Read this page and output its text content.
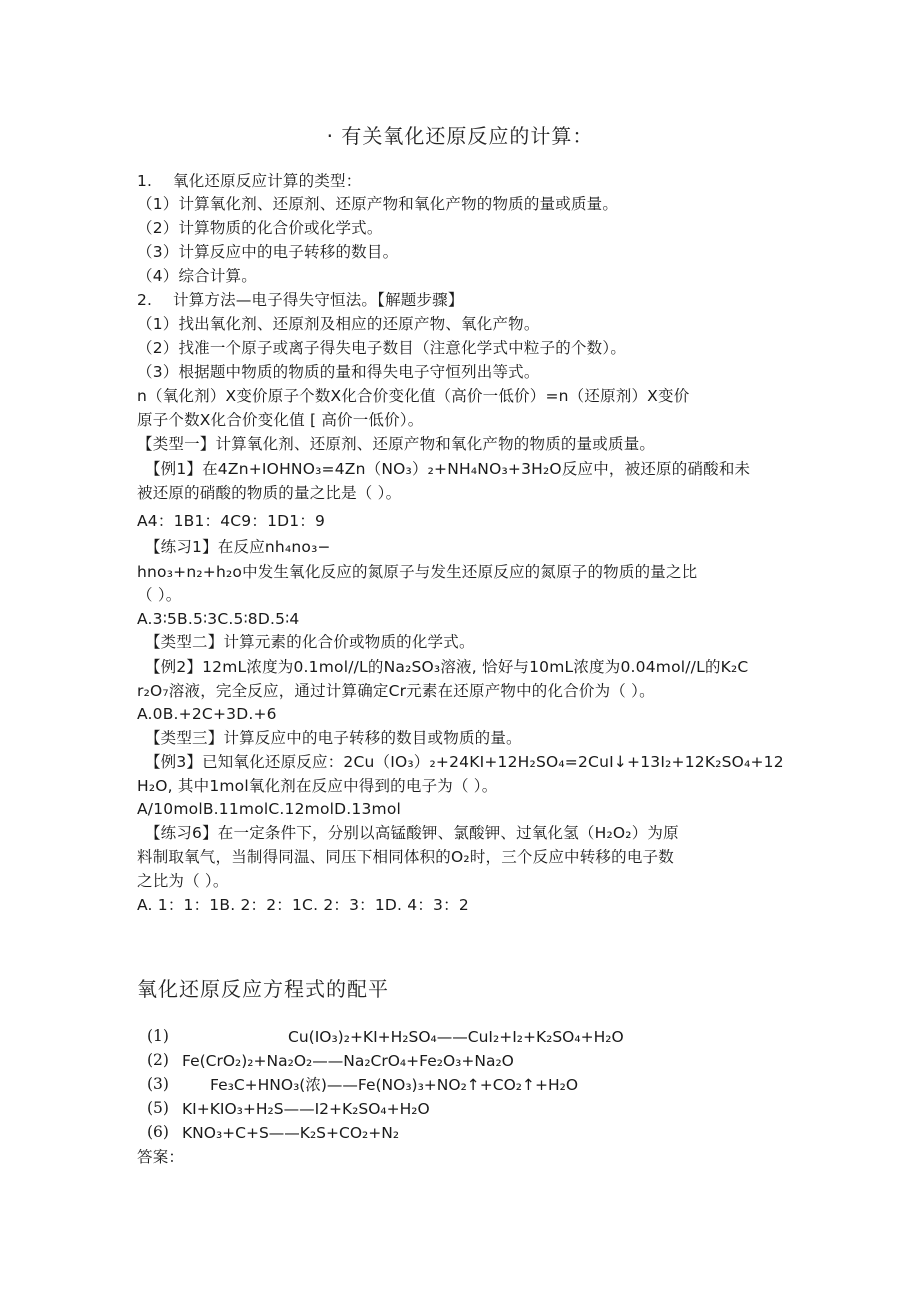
· 有关氧化还原反应的计算：
1.　 氧化还原反应计算的类型：
（1）计算氧化剂、还原剂、还原产物和氧化产物的物质的量或质量。
（2）计算物质的化合价或化学式。
（3）计算反应中的电子转移的数目。
（4）综合计算。
2.　 计算方法—电子得失守恒法。【解题步骤】
（1）找出氧化剂、还原剂及相应的还原产物、氧化产物。
（2）找准一个原子或离子得失电子数目（注意化学式中粒子的个数）。
（3）根据题中物质的物质的量和得失电子守恒列出等式。
n（氧化剂）X变价原子个数X化合价变化值（高价一低价）=n（还原剂）X变价
原子个数X化合价变化值 [ 高价一低价）。
【类型一】计算氧化剂、还原剂、还原产物和氧化产物的物质的量或质量。
　【例1】在4Zn+IOHNO₃=4Zn（NO₃）₂+NH₄NO₃+3H₂O反应中，被还原的硝酸和未
被还原的硝酸的物质的量之比是（ ）。
A4：1B1：4C9：1D1：9
　【练习1】在反应nh₄no₃−
hno₃+n₂+h₂o中发生氧化反应的氮原子与发生还原反应的氮原子的物质的量之比
（ ）。
A.3∶5B.5∶3C.5∶8D.5∶4
　【类型二】计算元素的化合价或物质的化学式。
　【例2】12mL浓度为0.1mol//L的Na₂SO₃溶液, 恰好与10mL浓度为0.04mol//L的K₂C
r₂O₇溶液，完全反应，通过计算确定Cr元素在还原产物中的化合价为（ ）。
A.0B.+2C+3D.+6
　【类型三】计算反应中的电子转移的数目或物质的量。
　【例3】已知氧化还原反应：2Cu（IO₃）₂+24KI+12H₂SO₄=2CuI↓+13I₂+12K₂SO₄+12
H₂O, 其中1mol氧化剂在反应中得到的电子为（ ）。
A/10molB.11molC.12molD.13mol
　【练习6】在一定条件下，分别以高锰酸钾、氯酸钾、过氧化氢（H₂O₂）为原
料制取氧气，当制得同温、同压下相同体积的O₂时，三个反应中转移的电子数
之比为（ ）。
A. 1：1：1B. 2：2：1C. 2：3：1D. 4：3：2
氧化还原反应方程式的配平
(1)	Cu(IO₃)₂+KI+H₂SO₄——CuI₂+I₂+K₂SO₄+H₂O
(2) Fe(CrO₂)₂+Na₂O₂——Na₂CrO₄+Fe₂O₃+Na₂O
(3)	Fe₃C+HNO₃(浓)——Fe(NO₃)₃+NO₂↑+CO₂↑+H₂O
(5) KI+KIO₃+H₂S——I2+K₂SO₄+H₂O
(6) KNO₃+C+S——K₂S+CO₂+N₂
答案：
